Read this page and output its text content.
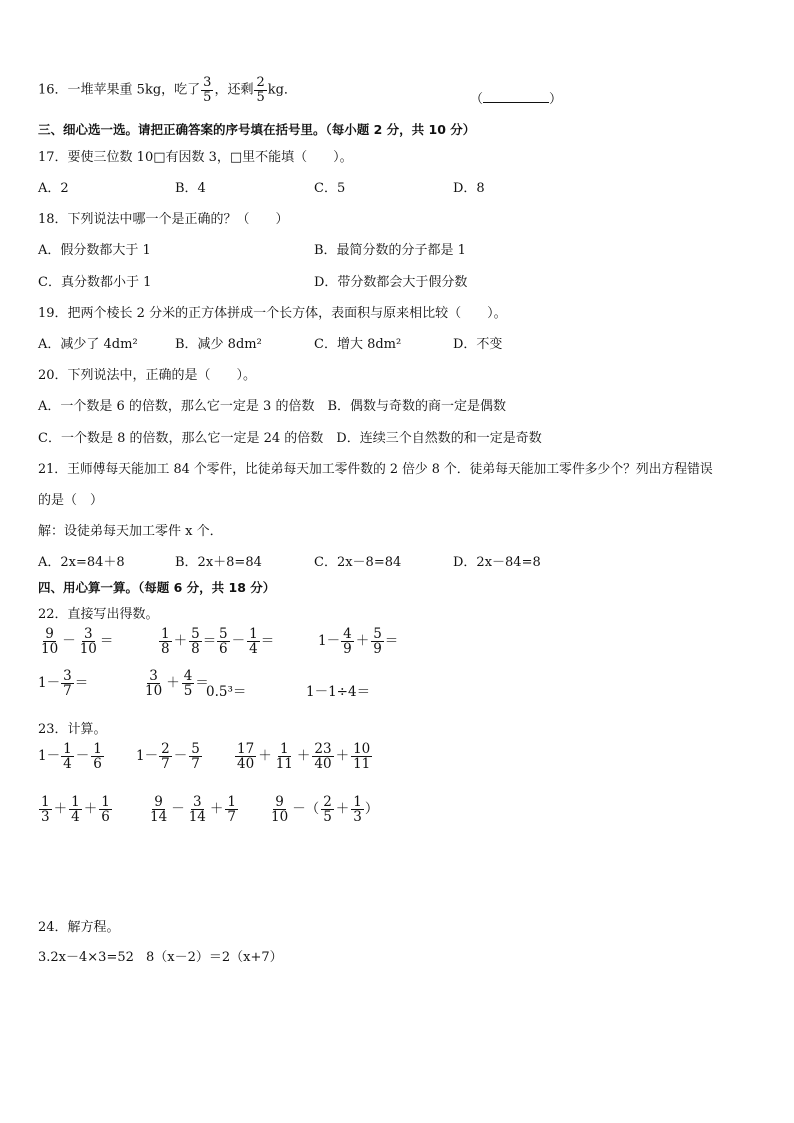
16．一堆苹果重 5kg，吃了 $\frac{3}{5}$ ，还剩 $\frac{2}{5}$ kg．
（	）
三、细心选一选。请把正确答案的序号填在括号里。（每小题 2 分，共 10 分）
17．要使三位数 10□有因数 3，□里不能填（　　）。
A．2	B．4	C．5	D．8
18．下列说法中哪一个是正确的？（　　）
A．假分数都大于 1	B．最简分数的分子都是 1
C．真分数都小于 1	D．带分数都会大于假分数
19．把两个棱长 2 分米的正方体拼成一个长方体，表面积与原来相比较（　　）。
A．减少了 4dm²	B．减少 8dm²	C．增大 8dm²	D．不变
20．下列说法中，正确的是（　　）。
A．一个数是 6 的倍数，那么它一定是 3 的倍数　B．偶数与奇数的商一定是偶数
C．一个数是 8 的倍数，那么它一定是 24 的倍数　D．连续三个自然数的和一定是奇数
21．王师傅每天能加工 84 个零件，比徒弟每天加工零件数的 2 倍少 8 个．徒弟每天能加工零件多少个？列出方程错误
的是（　）
解：设徒弟每天加工零件 x 个．
A．2x=84＋8	B．2x＋8=84	C．2x－8=84	D．2x－84=8
四、用心算一算。（每题 6 分，共 18 分）
22．直接写出得数。
$\frac{9}{10} - \frac{3}{10}$ ＝	$\frac{1}{8} + \frac{5}{8} = \frac{5}{6} - \frac{1}{4}$ ＝	$1- \frac{4}{9} + \frac{5}{9}$ ＝
$1- \frac{3}{7}$ ＝	$\frac{3}{10} + \frac{4}{5}$ ＝
0.5³＝	1－1÷4＝
23．计算。
$1- \frac{1}{4} - \frac{1}{6} 1- \frac{2}{7} - \frac{5}{7} \frac{17}{40} + \frac{1}{11} + \frac{23}{40} + \frac{10}{11}$
$\frac{1}{3} + \frac{1}{4} + \frac{1}{6}$	$\frac{9}{14} - \frac{3}{14} + \frac{1}{7} \frac{9}{10}$ －（ $\frac{2}{5} + \frac{1}{3}$ ）
24．解方程。
3.2x－4×3=52 8（x－2）＝2（x+7）
